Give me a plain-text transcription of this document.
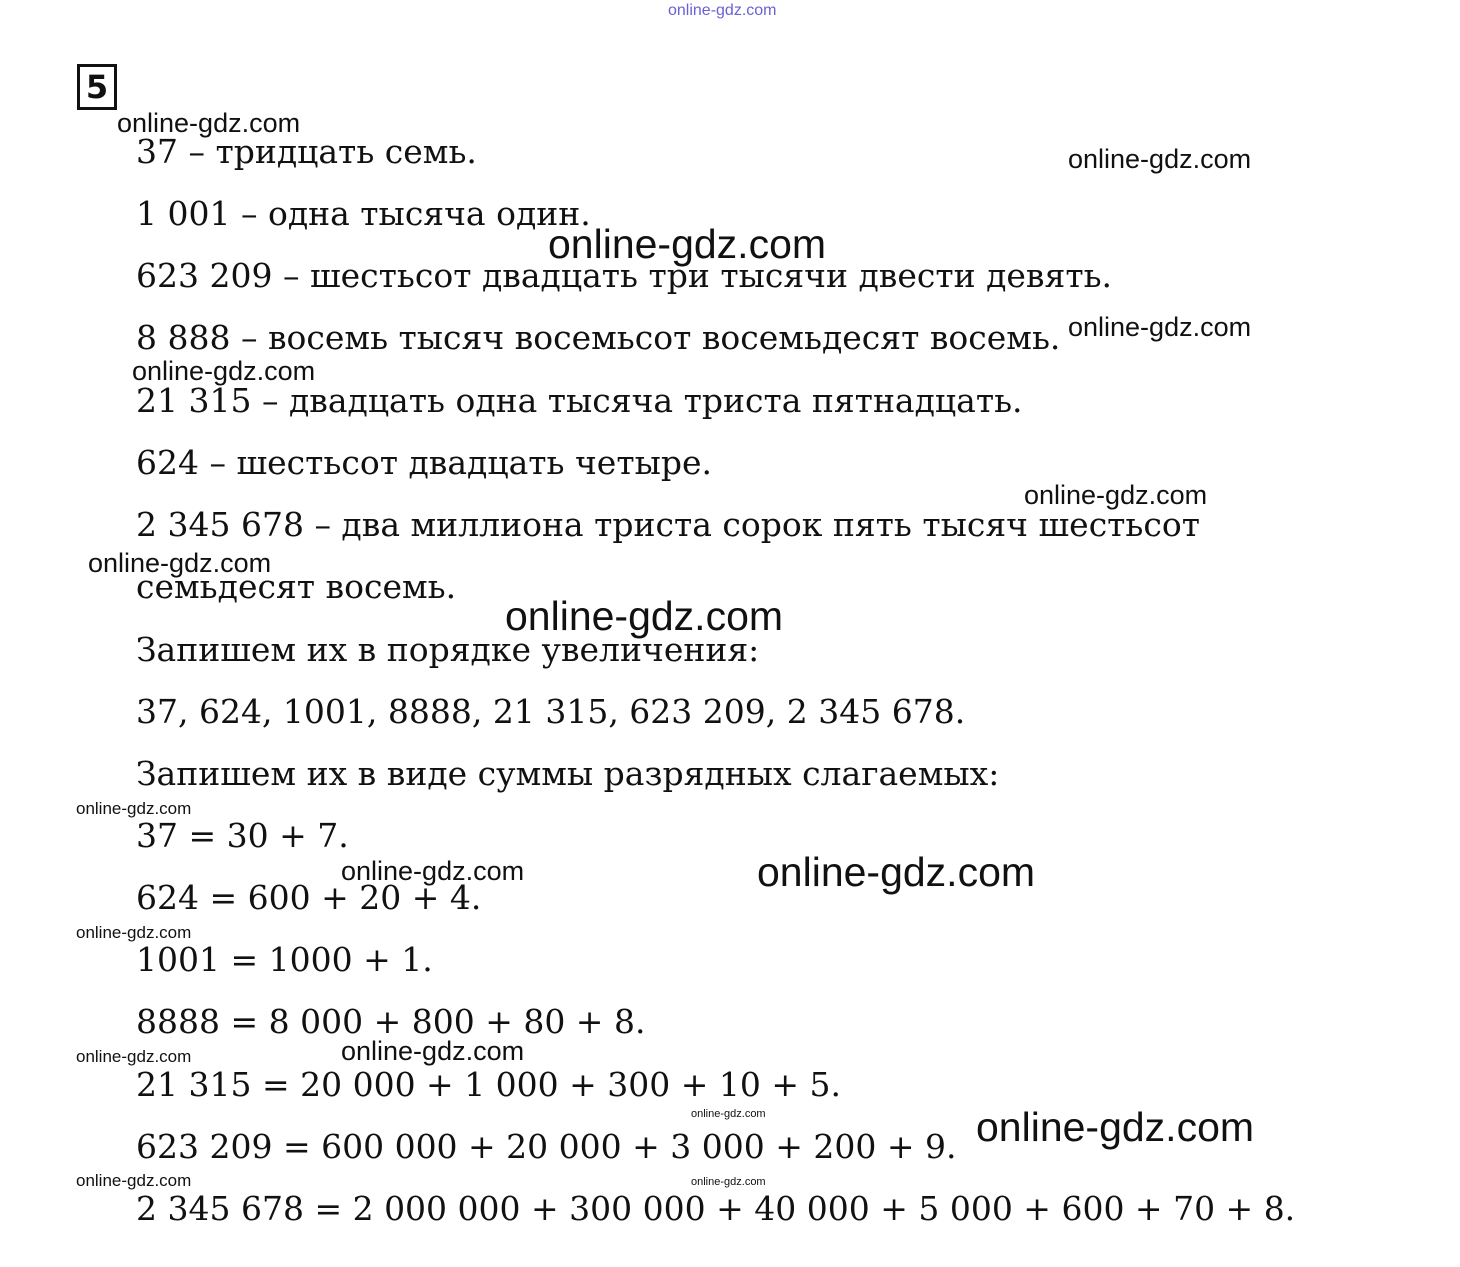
online-gdz.com
5
37 – тридцать семь.
1 001 – одна тысяча один.
623 209 – шестьсот двадцать три тысячи двести девять.
8 888 – восемь тысяч восемьсот восемьдесят восемь.
21 315 – двадцать одна тысяча триста пятнадцать.
624 – шестьсот двадцать четыре.
2 345 678 – два миллиона триста сорок пять тысяч шестьсот
семьдесят восемь.
Запишем их в порядке увеличения:
37, 624, 1001, 8888, 21 315, 623 209, 2 345 678.
Запишем их в виде суммы разрядных слагаемых:
37 = 30 + 7.
624 = 600 + 20 + 4.
1001 = 1000 + 1.
8888 = 8 000 + 800 + 80 + 8.
21 315 = 20 000 + 1 000 + 300 + 10 + 5.
623 209 = 600 000 + 20 000 + 3 000 + 200 + 9.
2 345 678 = 2 000 000 + 300 000 + 40 000 + 5 000 + 600 + 70 + 8.
online-gdz.com
online-gdz.com
online-gdz.com
online-gdz.com
online-gdz.com
online-gdz.com
online-gdz.com
online-gdz.com
online-gdz.com
online-gdz.com	online-gdz.com
online-gdz.com
online-gdz.com
online-gdz.com
online-gdz.com	online-gdz.com
online-gdz.com	online-gdz.com
